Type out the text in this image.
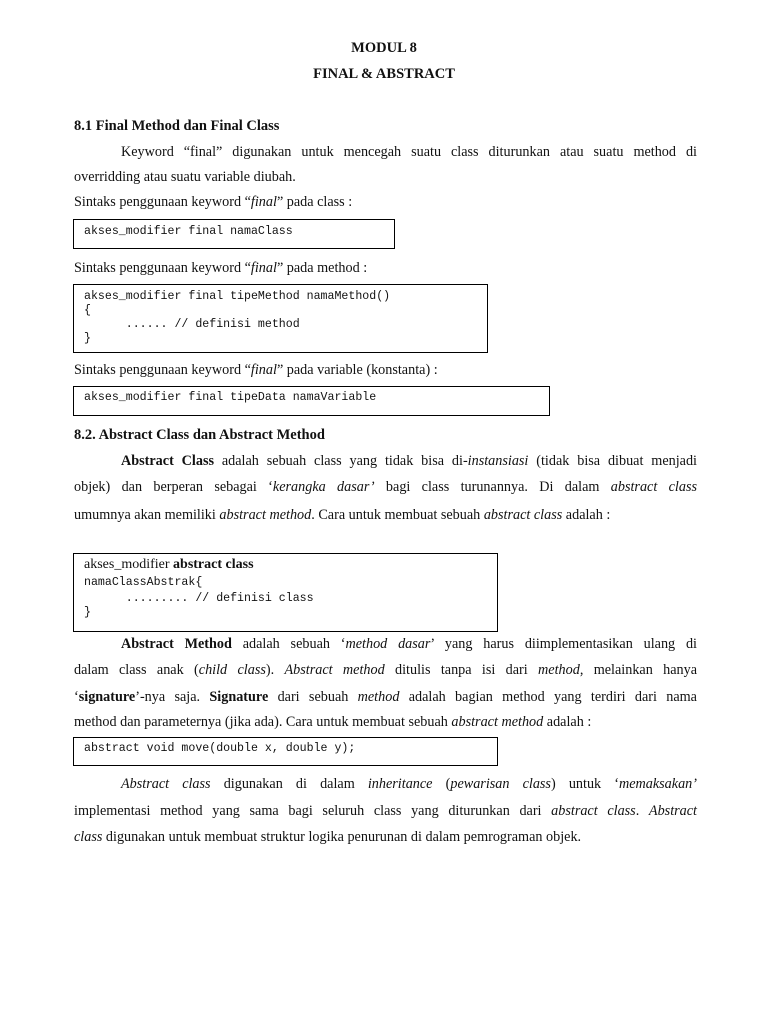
MODUL 8
FINAL & ABSTRACT
8.1 Final Method dan Final Class
Keyword “final” digunakan untuk mencegah suatu class diturunkan atau suatu method di
overridding atau suatu variable diubah.
Sintaks penggunaan keyword “final” pada class :
akses_modifier final namaClass
Sintaks penggunaan keyword “final” pada method :
akses_modifier final tipeMethod namaMethod()
{
...... // definisi method
}
Sintaks penggunaan keyword “final” pada variable (konstanta) :
akses_modifier final tipeData namaVariable
8.2. Abstract Class dan Abstract Method
Abstract Class adalah sebuah class yang tidak bisa di-instansiasi (tidak bisa dibuat menjadi
objek) dan berperan sebagai ‘kerangka dasar’ bagi class turunannya. Di dalam abstract class
umumnya akan memiliki abstract method. Cara untuk membuat sebuah abstract class adalah :
akses_modifier abstract class
namaClassAbstrak{
......... // definisi class
}
Abstract Method adalah sebuah ‘method dasar’ yang harus diimplementasikan ulang di
dalam class anak (child class). Abstract method ditulis tanpa isi dari method, melainkan hanya
‘signature’-nya saja. Signature dari sebuah method adalah bagian method yang terdiri dari nama
method dan parameternya (jika ada). Cara untuk membuat sebuah abstract method adalah :
abstract void move(double x, double y);
Abstract class digunakan di dalam inheritance (pewarisan class) untuk ‘memaksakan’
implementasi method yang sama bagi seluruh class yang diturunkan dari abstract class. Abstract
class digunakan untuk membuat struktur logika penurunan di dalam pemrograman objek.
